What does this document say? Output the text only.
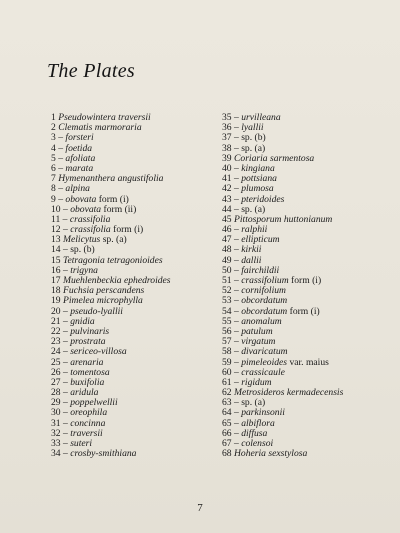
The Plates
1 Pseudowintera traversii
2 Clematis marmoraria
3 – forsteri
4 – foetida
5 – afoliata
6 – marata
7 Hymenanthera angustifolia
8 – alpina
9 – obovata form (i)
10 – obovata form (ii)
11 – crassifolia
12 – crassifolia form (i)
13 Melicytus sp. (a)
14 – sp. (b)
15 Tetragonia tetragonioides
16 – trigyna
17 Muehlenbeckia ephedroides
18 Fuchsia perscandens
19 Pimelea microphylla
20 – pseudo-lyallii
21 – gnidia
22 – pulvinaris
23 – prostrata
24 – sericeo-villosa
25 – arenaria
26 – tomentosa
27 – buxifolia
28 – aridula
29 – poppelwellii
30 – oreophila
31 – concinna
32 – traversii
33 – suteri
34 – crosby-smithiana
35 – urvilleana
36 – lyallii
37 – sp. (b)
38 – sp. (a)
39 Coriaria sarmentosa
40 – kingiana
41 – pottsiana
42 – plumosa
43 – pteridoides
44 – sp. (a)
45 Pittosporum huttonianum
46 – ralphii
47 – ellipticum
48 – kirkii
49 – dallii
50 – fairchildii
51 – crassifolium form (i)
52 – cornifolium
53 – obcordatum
54 – obcordatum form (i)
55 – anomalum
56 – patulum
57 – virgatum
58 – divaricatum
59 – pimeleoides var. maius
60 – crassicaule
61 – rigidum
62 Metrosideros kermadecensis
63 – sp. (a)
64 – parkinsonii
65 – albiflora
66 – diffusa
67 – colensoi
68 Hoheria sexstylosa
7
